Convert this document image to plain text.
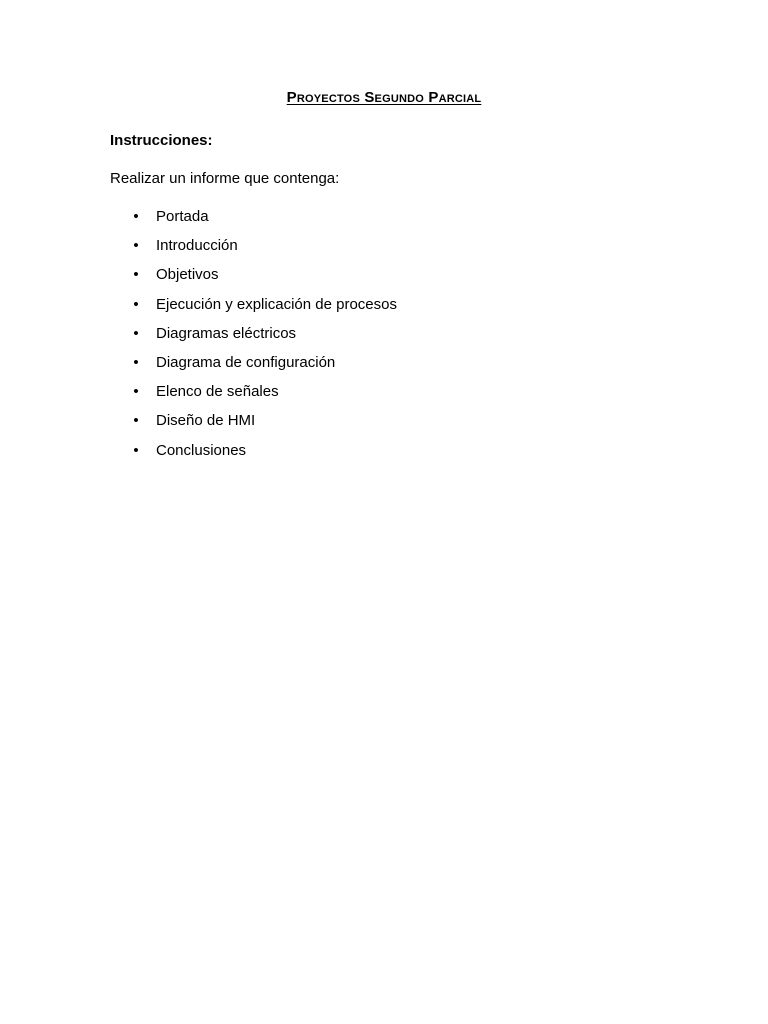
Proyectos Segundo Parcial
Instrucciones:
Realizar un informe que contenga:
• Portada
• Introducción
• Objetivos
• Ejecución y explicación de procesos
• Diagramas eléctricos
• Diagrama de configuración
• Elenco de señales
• Diseño de HMI
• Conclusiones
